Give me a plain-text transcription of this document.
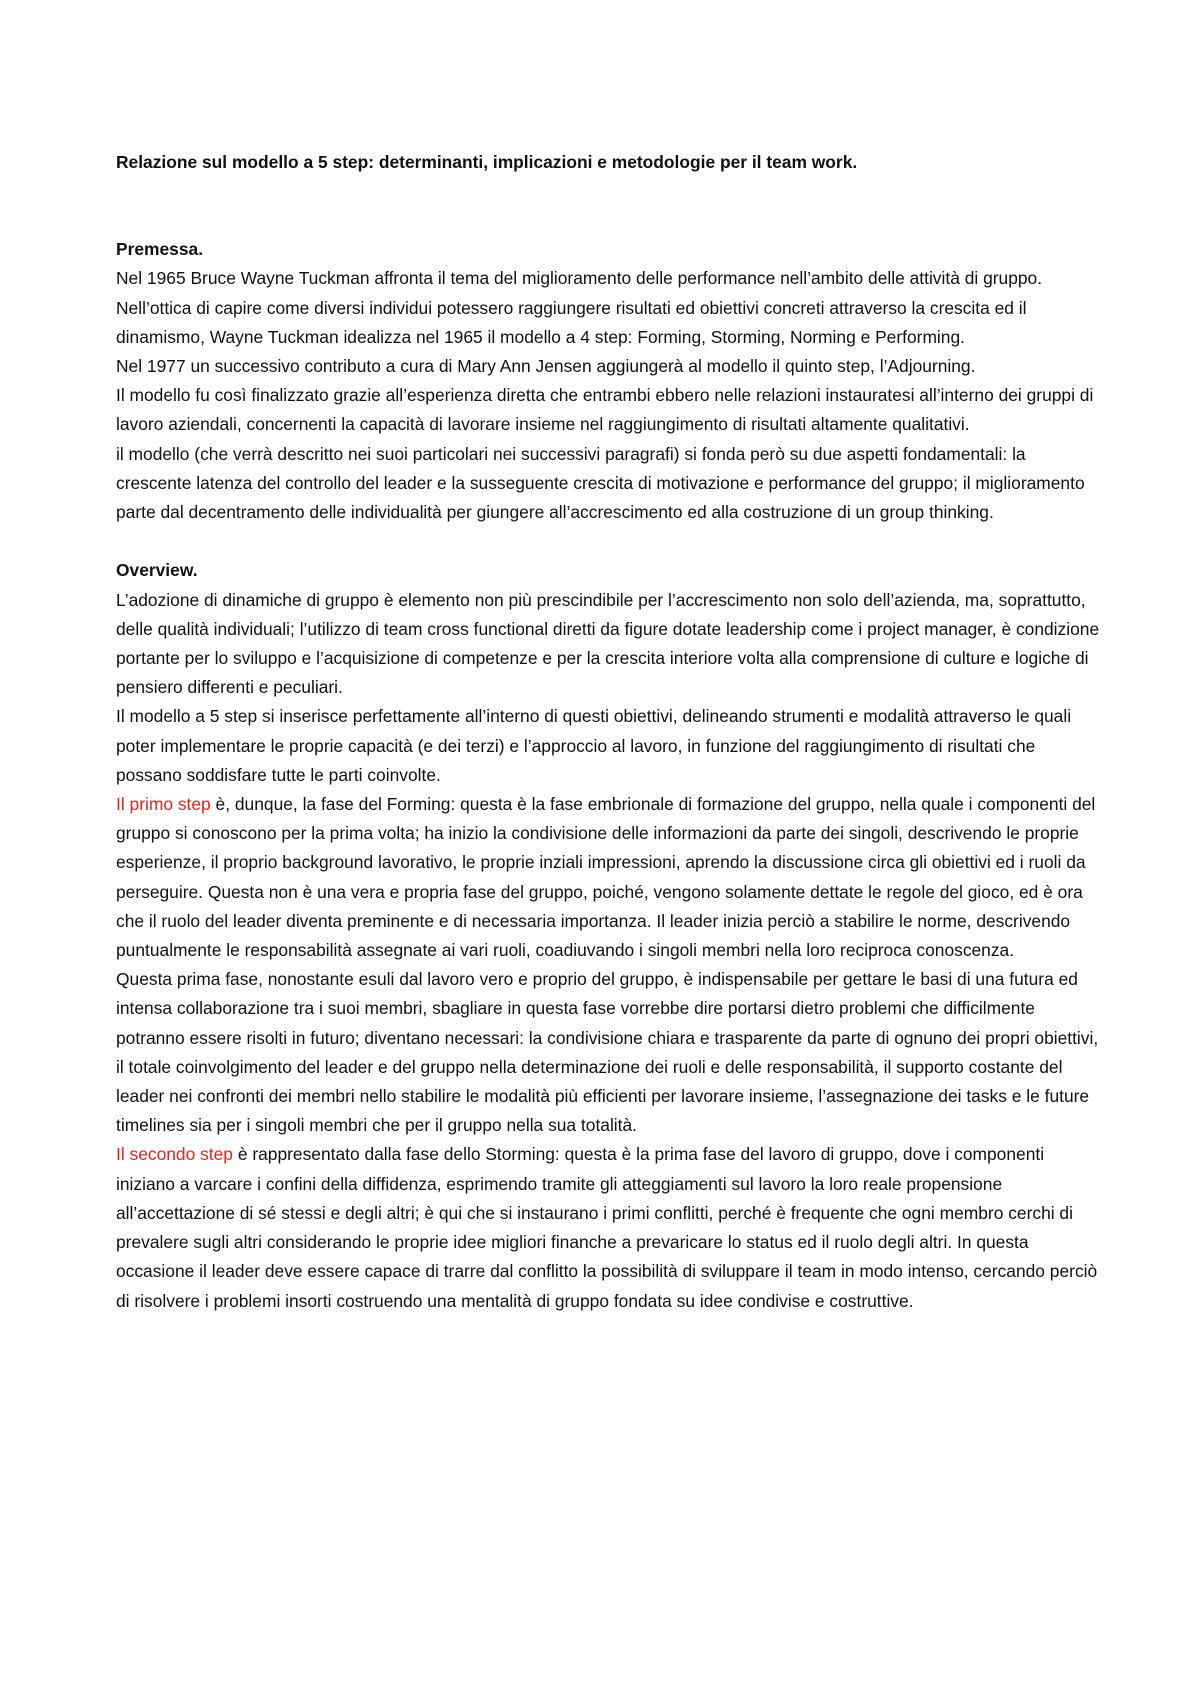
Relazione sul modello a 5 step: determinanti, implicazioni e metodologie per il team work.

Premessa.

Nel 1965 Bruce Wayne Tuckman affronta il tema del miglioramento delle performance nell’ambito delle attività di gruppo. Nell’ottica di capire come diversi individui potessero raggiungere risultati ed obiettivi concreti attraverso la crescita ed il dinamismo, Wayne Tuckman idealizza nel 1965 il modello a 4 step: Forming, Storming, Norming e Performing.

Nel 1977 un successivo contributo a cura di Mary Ann Jensen aggiungerà al modello il quinto step, l’Adjourning.

Il modello fu così finalizzato grazie all’esperienza diretta che entrambi ebbero nelle relazioni instauratesi all’interno dei gruppi di lavoro aziendali, concernenti la capacità di lavorare insieme nel raggiungimento di risultati altamente qualitativi.

il modello (che verrà descritto nei suoi particolari nei successivi paragrafi) si fonda però su due aspetti fondamentali: la crescente latenza del controllo del leader e la susseguente crescita di motivazione e performance del gruppo; il miglioramento parte dal decentramento delle individualità per giungere all’accrescimento ed alla costruzione di un group thinking.

Overview.

L’adozione di dinamiche di gruppo è elemento non più prescindibile per l’accrescimento non solo dell’azienda, ma, soprattutto, delle qualità individuali; l’utilizzo di team cross functional diretti da figure dotate leadership come i project manager, è condizione portante per lo sviluppo e l’acquisizione di competenze e per la crescita interiore volta alla comprensione di culture e logiche di pensiero differenti e peculiari.

Il modello a 5 step si inserisce perfettamente all’interno di questi obiettivi, delineando strumenti e modalità attraverso le quali poter implementare le proprie capacità (e dei terzi) e l’approccio al lavoro, in funzione del raggiungimento di risultati che possano soddisfare tutte le parti coinvolte.

Il primo step è, dunque, la fase del Forming: questa è la fase embrionale di formazione del gruppo, nella quale i componenti del gruppo si conoscono per la prima volta; ha inizio la condivisione delle informazioni da parte dei singoli, descrivendo le proprie esperienze, il proprio background lavorativo, le proprie inziali impressioni, aprendo la discussione circa gli obiettivi ed i ruoli da perseguire. Questa non è una vera e propria fase del gruppo, poiché, vengono solamente dettate le regole del gioco, ed è ora che il ruolo del leader diventa preminente e di necessaria importanza. Il leader inizia perciò a stabilire le norme, descrivendo puntualmente le responsabilità assegnate ai vari ruoli, coadiuvando i singoli membri nella loro reciproca conoscenza.

Questa prima fase, nonostante esuli dal lavoro vero e proprio del gruppo, è indispensabile per gettare le basi di una futura ed intensa collaborazione tra i suoi membri, sbagliare in questa fase vorrebbe dire portarsi dietro problemi che difficilmente potranno essere risolti in futuro; diventano necessari: la condivisione chiara e trasparente da parte di ognuno dei propri obiettivi, il totale coinvolgimento del leader e del gruppo nella determinazione dei ruoli e delle responsabilità, il supporto costante del leader nei confronti dei membri nello stabilire le modalità più efficienti per lavorare insieme, l’assegnazione dei tasks e le future timelines sia per i singoli membri che per il gruppo nella sua totalità.

Il secondo step è rappresentato dalla fase dello Storming: questa è la prima fase del lavoro di gruppo, dove i componenti iniziano a varcare i confini della diffidenza, esprimendo tramite gli atteggiamenti sul lavoro la loro reale propensione all’accettazione di sé stessi e degli altri; è qui che si instaurano i primi conflitti, perché è frequente che ogni membro cerchi di prevalere sugli altri considerando le proprie idee migliori finanche a prevaricare lo status ed il ruolo degli altri. In questa occasione il leader deve essere capace di trarre dal conflitto la possibilità di sviluppare il team in modo intenso, cercando perciò di risolvere i problemi insorti costruendo una mentalità di gruppo fondata su idee condivise e costruttive.
